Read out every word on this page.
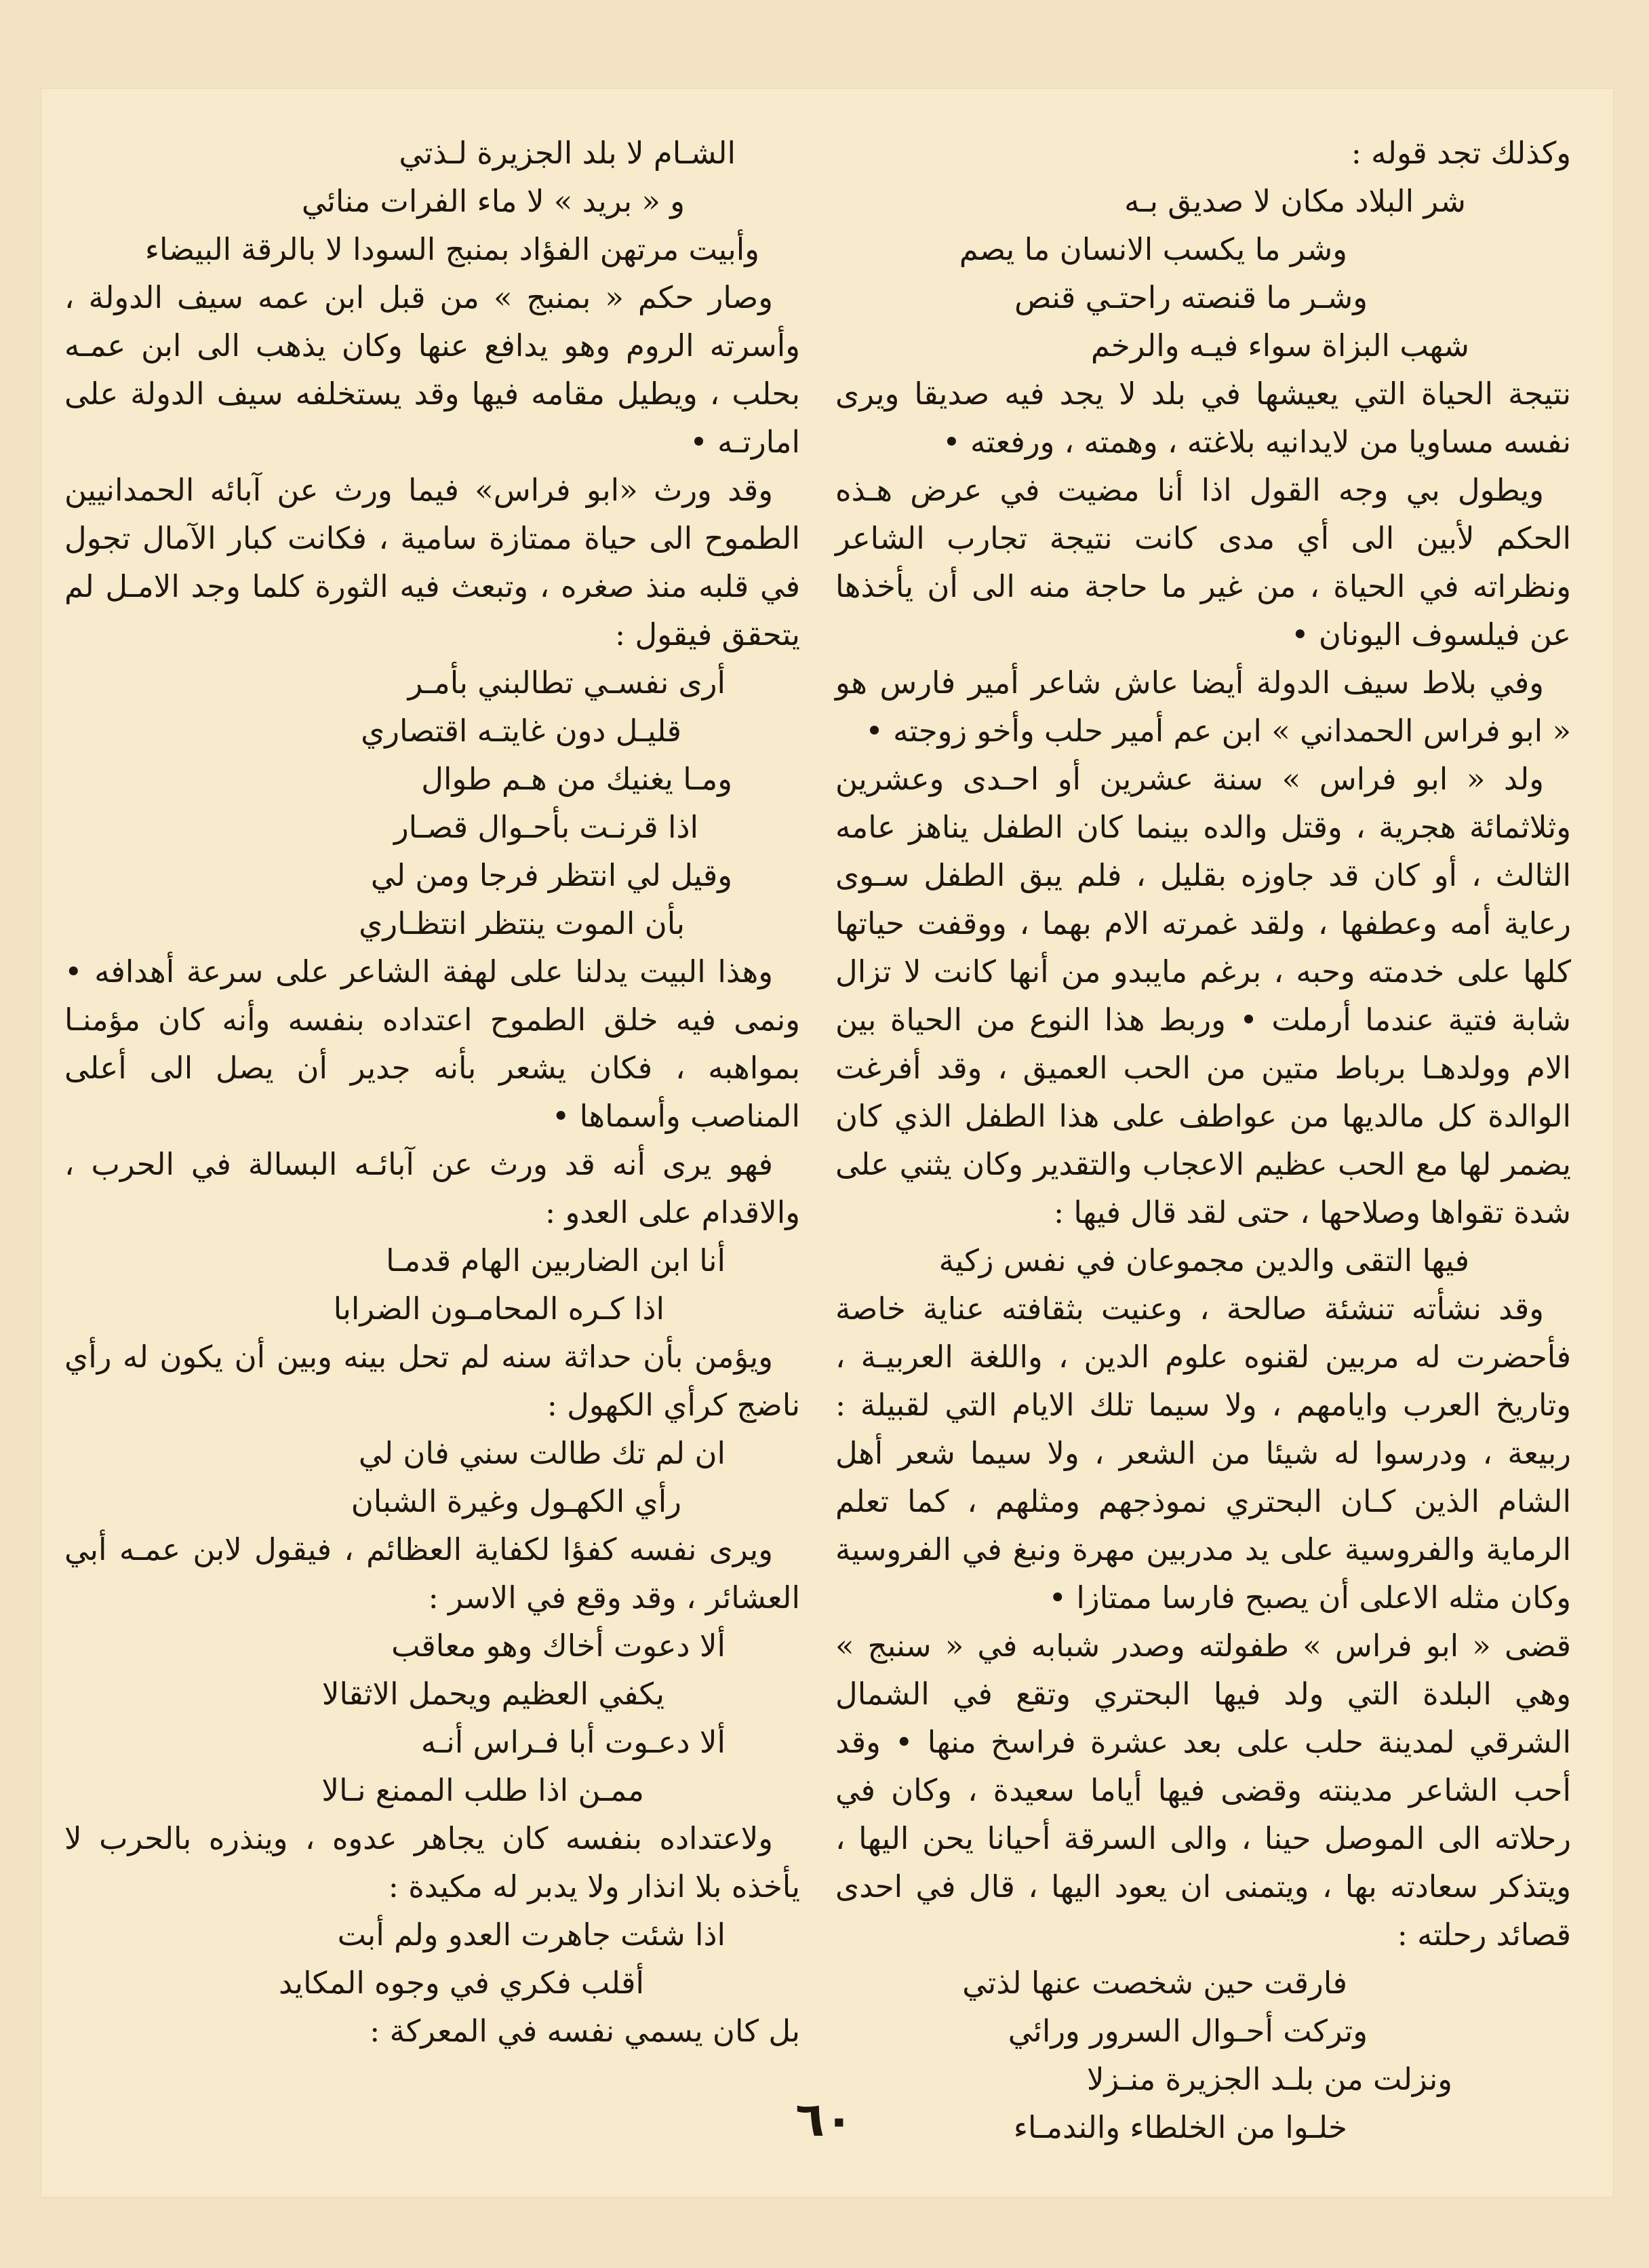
وكذلك تجد قوله :

شر البلاد مكان لا صديق بـه

وشر ما يكسب الانسان ما يصم

وشـر ما قنصته راحتـي قنص

شهب البزاة سواء فيـه والرخم

نتيجة الحياة التي يعيشها في بلد لا يجد فيه صديقا ويرى نفسه مساويا من لايدانيه بلاغته ، وهمته ، ورفعته •

ويطول بي وجه القول اذا أنا مضيت في عرض هـذه الحكم لأبين الى أي مدى كانت نتيجة تجارب الشاعر ونظراته في الحياة ، من غير ما حاجة منه الى أن يأخذها عن فيلسوف اليونان •

وفي بلاط سيف الدولة أيضا عاش شاعر أمير فارس هو « ابو فراس الحمداني » ابن عم أمير حلب وأخو زوجته •

ولد « ابو فراس » سنة عشرين أو احـدى وعشرين وثلاثمائة هجرية ، وقتل والده بينما كان الطفل يناهز عامه الثالث ، أو كان قد جاوزه بقليل ، فلم يبق الطفل سـوى رعاية أمه وعطفها ، ولقد غمرته الام بهما ، ووقفت حياتها كلها على خدمته وحبه ، برغم مايبدو من أنها كانت لا تزال شابة فتية عندما أرملت • وربط هذا النوع من الحياة بين الام وولدهـا برباط متين من الحب العميق ، وقد أفرغت الوالدة كل مالديها من عواطف على هذا الطفل الذي كان يضمر لها مع الحب عظيم الاعجاب والتقدير وكان يثني على شدة تقواها وصلاحها ، حتى لقد قال فيها :

فيها التقى والدين مجموعان في نفس زكية

وقد نشأته تنشئة صالحة ، وعنيت بثقافته عناية خاصة فأحضرت له مربين لقنوه علوم الدين ، واللغة العربيـة ، وتاريخ العرب وايامهم ، ولا سيما تلك الايام التي لقبيلة : ربيعة ، ودرسوا له شيئا من الشعر ، ولا سيما شعر أهل الشام الذين كـان البحتري نموذجهم ومثلهم ، كما تعلم الرماية والفروسية على يد مدربين مهرة ونبغ في الفروسية وكان مثله الاعلى أن يصبح فارسا ممتازا •

قضى « ابو فراس » طفولته وصدر شبابه في « سنبج » وهي البلدة التي ولد فيها البحتري وتقع في الشمال الشرقي لمدينة حلب على بعد عشرة فراسخ منها • وقد أحب الشاعر مدينته وقضى فيها أياما سعيدة ، وكان في رحلاته الى الموصل حينا ، والى السرقة أحيانا يحن اليها ، ويتذكر سعادته بها ، ويتمنى ان يعود اليها ، قال في احدى قصائد رحلته :

فارقت حين شخصت عنها لذتي

وتركت أحـوال السرور ورائي

ونزلت من بلـد الجزيرة منـزلا

خلـوا من الخلطاء والندمـاء

الشـام لا بلد الجزيرة لـذتي

و « بريد » لا ماء الفرات منائي

وأبيت مرتهن الفؤاد بمنبج السودا لا بالرقة البيضاء

وصار حكم « بمنبج » من قبل ابن عمه سيف الدولة ، وأسرته الروم وهو يدافع عنها وكان يذهب الى ابن عمـه بحلب ، ويطيل مقامه فيها وقد يستخلفه سيف الدولة على امارتـه •

وقد ورث «ابو فراس» فيما ورث عن آبائه الحمدانيين الطموح الى حياة ممتازة سامية ، فكانت كبار الآمال تجول في قلبه منذ صغره ، وتبعث فيه الثورة كلما وجد الامـل لم يتحقق فيقول :

أرى نفسـي تطالبني بأمـر

قليـل دون غايتـه اقتصاري

ومـا يغنيك من هـم طوال

اذا قرنـت بأحـوال قصـار

وقيل لي انتظر فرجا ومن لي

بأن الموت ينتظر انتظـاري

وهذا البيت يدلنا على لهفة الشاعر على سرعة أهدافه • ونمى فيه خلق الطموح اعتداده بنفسه وأنه كان مؤمنـا بمواهبه ، فكان يشعر بأنه جدير أن يصل الى أعلى المناصب وأسماها •

فهو يرى أنه قد ورث عن آبائـه البسالة في الحرب ، والاقدام على العدو :

أنا ابن الضاربين الهام قدمـا

اذا كـره المحامـون الضرابا

ويؤمن بأن حداثة سنه لم تحل بينه وبين أن يكون له رأي ناضج كرأي الكهول :

ان لم تك طالت سني فان لي

رأي الكهـول وغيرة الشبان

ويرى نفسه كفؤا لكفاية العظائم ، فيقول لابن عمـه أبي العشائر ، وقد وقع في الاسر :

ألا دعوت أخاك وهو معاقب

يكفي العظيم ويحمل الاثقالا

ألا دعـوت أبا فـراس أنـه

ممـن اذا طلب الممنع نـالا

ولاعتداده بنفسه كان يجاهر عدوه ، وينذره بالحرب لا يأخذه بلا انذار ولا يدبر له مكيدة :

اذا شئت جاهرت العدو ولم أبت

أقلب فكري في وجوه المكايد

بل كان يسمي نفسه في المعركة :

٦٠
